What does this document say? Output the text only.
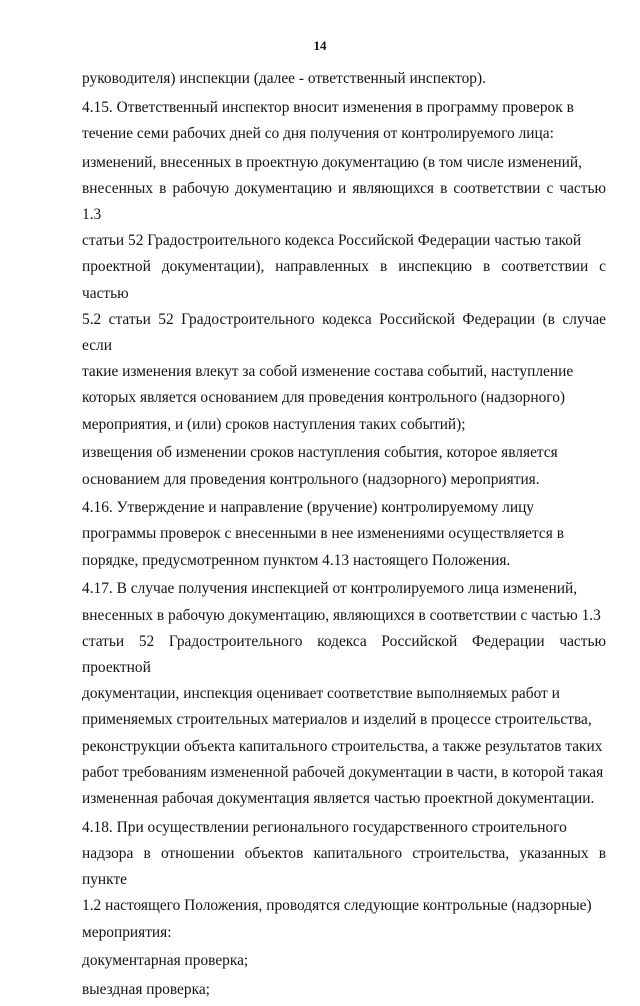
14

руководителя) инспекции (далее - ответственный инспектор).

4.15. Ответственный инспектор вносит изменения в программу проверок в
течение семи рабочих дней со дня получения от контролируемого лица:

изменений, внесенных в проектную документацию (в том числе изменений,
внесенных в рабочую документацию и являющихся в соответствии с частью 1.3
статьи 52 Градостроительного кодекса Российской Федерации частью такой
проектной документации), направленных в инспекцию в соответствии с частью
5.2 статьи 52 Градостроительного кодекса Российской Федерации (в случае если
такие изменения влекут за собой изменение состава событий, наступление
которых является основанием для проведения контрольного (надзорного)
мероприятия, и (или) сроков наступления таких событий);

извещения об изменении сроков наступления события, которое является
основанием для проведения контрольного (надзорного) мероприятия.

4.16. Утверждение и направление (вручение) контролируемому лицу
программы проверок с внесенными в нее изменениями осуществляется в
порядке, предусмотренном пунктом 4.13 настоящего Положения.

4.17. В случае получения инспекцией от контролируемого лица изменений,
внесенных в рабочую документацию, являющихся в соответствии с частью 1.3
статьи 52 Градостроительного кодекса Российской Федерации частью проектной
документации, инспекция оценивает соответствие выполняемых работ и
применяемых строительных материалов и изделий в процессе строительства,
реконструкции объекта капитального строительства, а также результатов таких
работ требованиям измененной рабочей документации в части, в которой такая
измененная рабочая документация является частью проектной документации.

4.18. При осуществлении регионального государственного строительного
надзора в отношении объектов капитального строительства, указанных в пункте
1.2 настоящего Положения, проводятся следующие контрольные (надзорные)
мероприятия:

документарная проверка;

выездная проверка;
